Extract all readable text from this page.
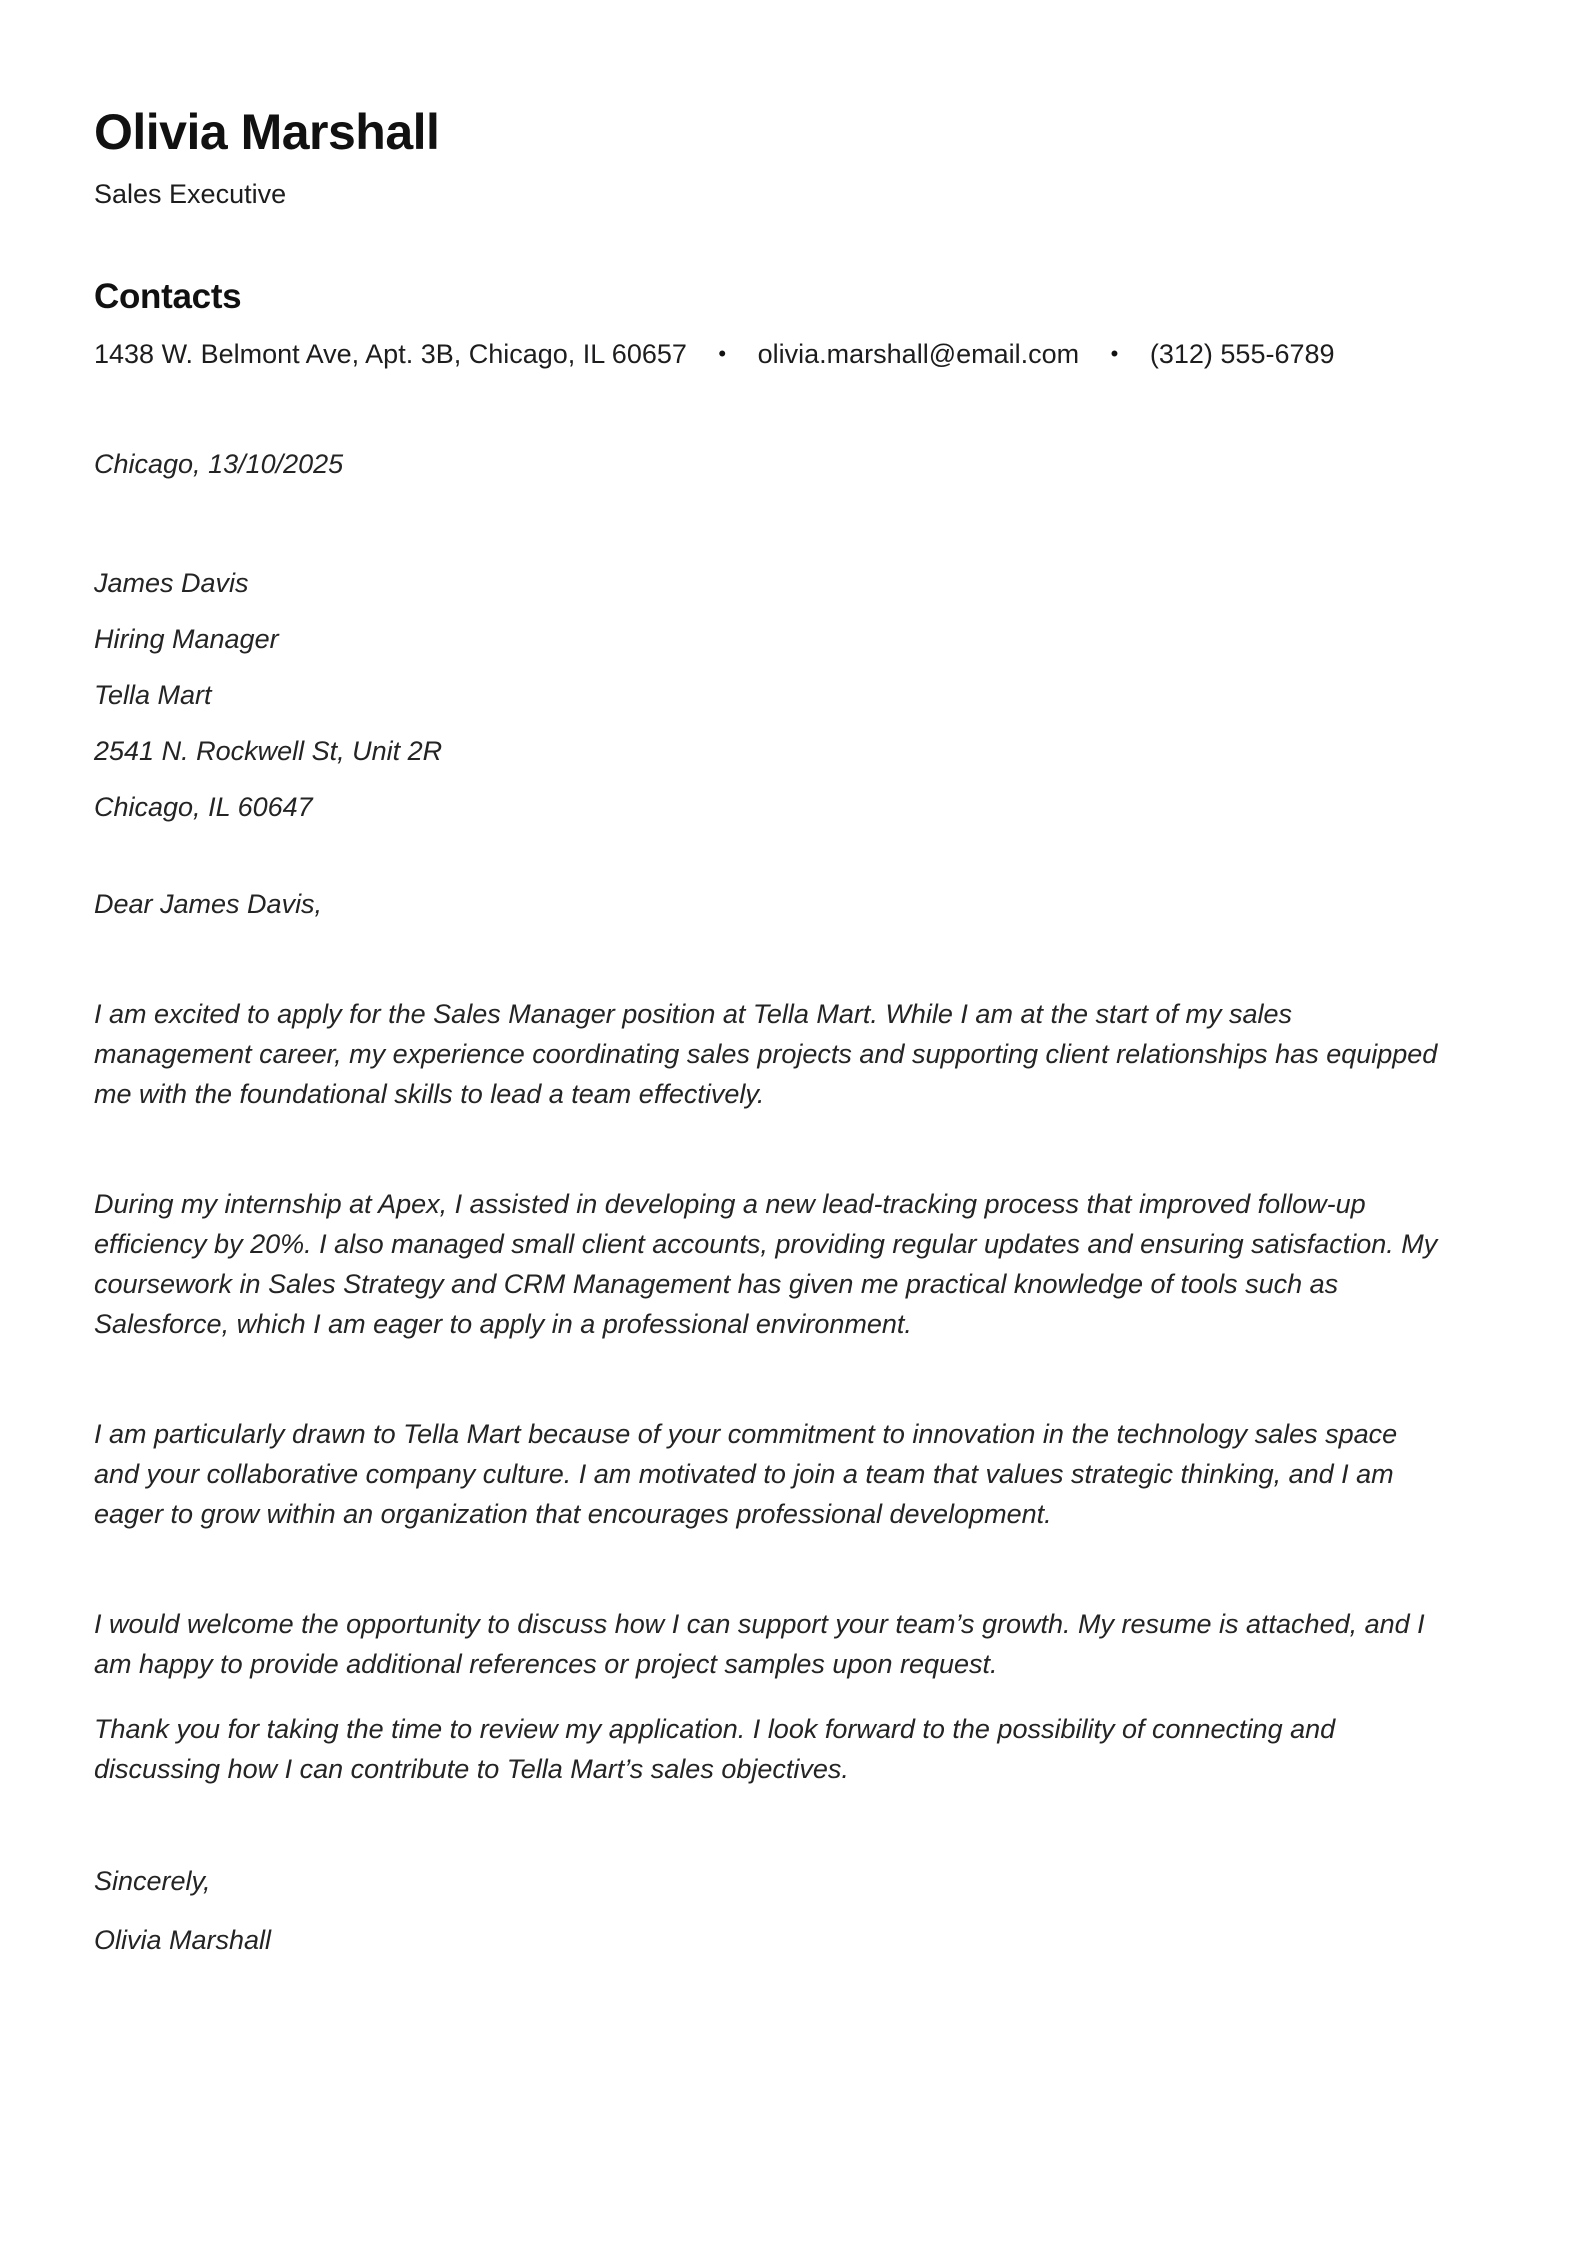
Olivia Marshall
Sales Executive
Contacts
1438 W. Belmont Ave, Apt. 3B, Chicago, IL 60657 • olivia.marshall@email.com • (312) 555-6789

Chicago, 13/10/2025

James Davis

Hiring Manager

Tella Mart

2541 N. Rockwell St, Unit 2R

Chicago, IL 60647

Dear James Davis,

I am excited to apply for the Sales Manager position at Tella Mart. While I am at the start of my sales management career, my experience coordinating sales projects and supporting client relationships has equipped me with the foundational skills to lead a team effectively.

During my internship at Apex, I assisted in developing a new lead-tracking process that improved follow-up efficiency by 20%. I also managed small client accounts, providing regular updates and ensuring satisfaction. My coursework in Sales Strategy and CRM Management has given me practical knowledge of tools such as Salesforce, which I am eager to apply in a professional environment.

I am particularly drawn to Tella Mart because of your commitment to innovation in the technology sales space and your collaborative company culture. I am motivated to join a team that values strategic thinking, and I am eager to grow within an organization that encourages professional development.

I would welcome the opportunity to discuss how I can support your team’s growth. My resume is attached, and I am happy to provide additional references or project samples upon request.

Thank you for taking the time to review my application. I look forward to the possibility of connecting and discussing how I can contribute to Tella Mart’s sales objectives.

Sincerely,

Olivia Marshall
